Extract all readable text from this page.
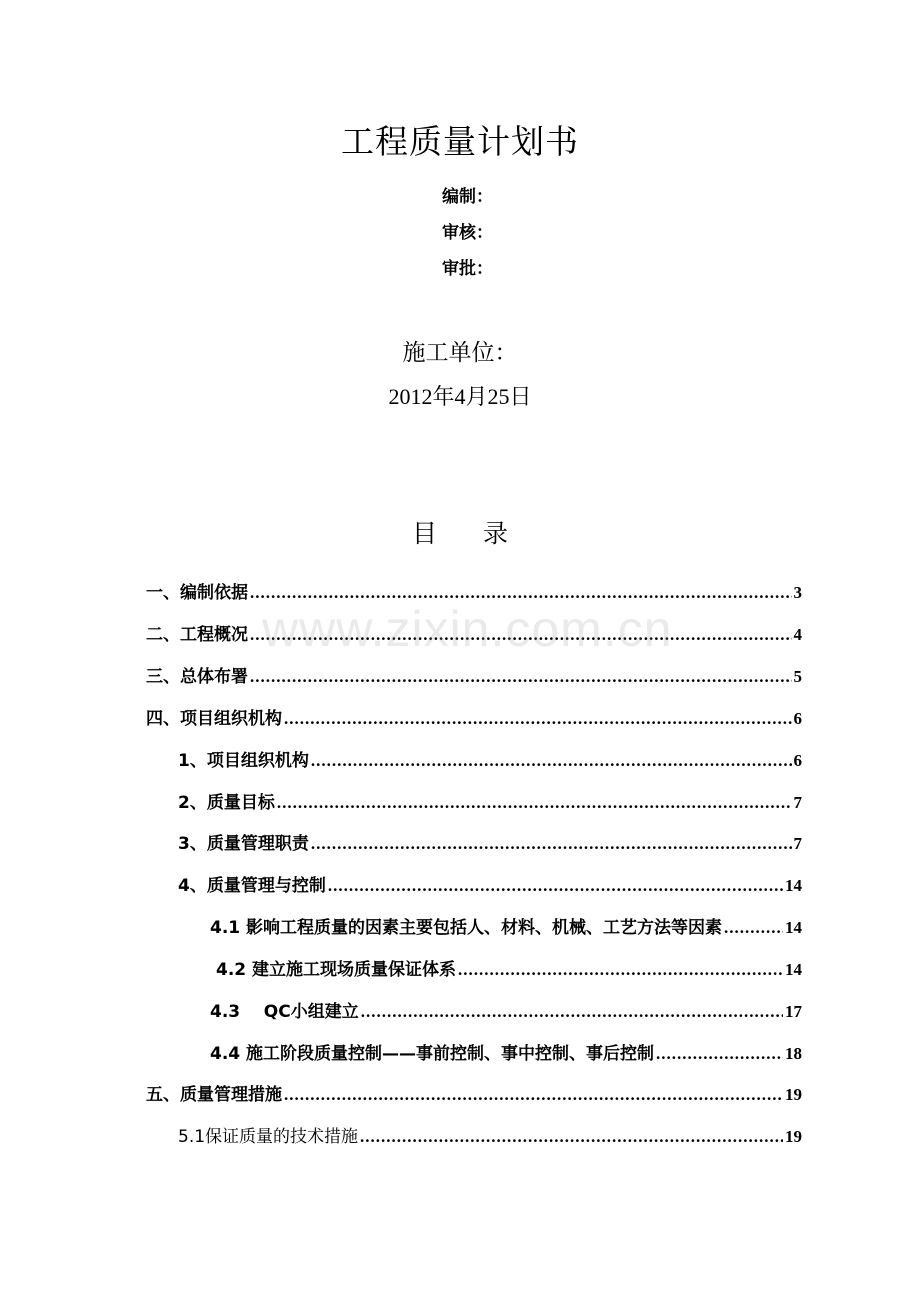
工程质量计划书
编制：
审核：
审批：
施工单位：
2012年4月25日
目 录
一、编制依据 .....	3
二、工程概况 .....	4
三、总体布署 .....	5
四、项目组织机构 .....	6
1、项目组织机构 .....	6
2、质量目标 .....	7
3、质量管理职责 .....	7
4、质量管理与控制 .....	14
4.1 影响工程质量的因素主要包括人、材料、机械、工艺方法等因素 .....	14
4.2 建立施工现场质量保证体系 .....	14
4.3    QC小组建立 .....	17
4.4 施工阶段质量控制——事前控制、事中控制、事后控制 .....	18
五、质量管理措施 .....	19
5.1保证质量的技术措施 .....	19
www.zixin.com.cn
